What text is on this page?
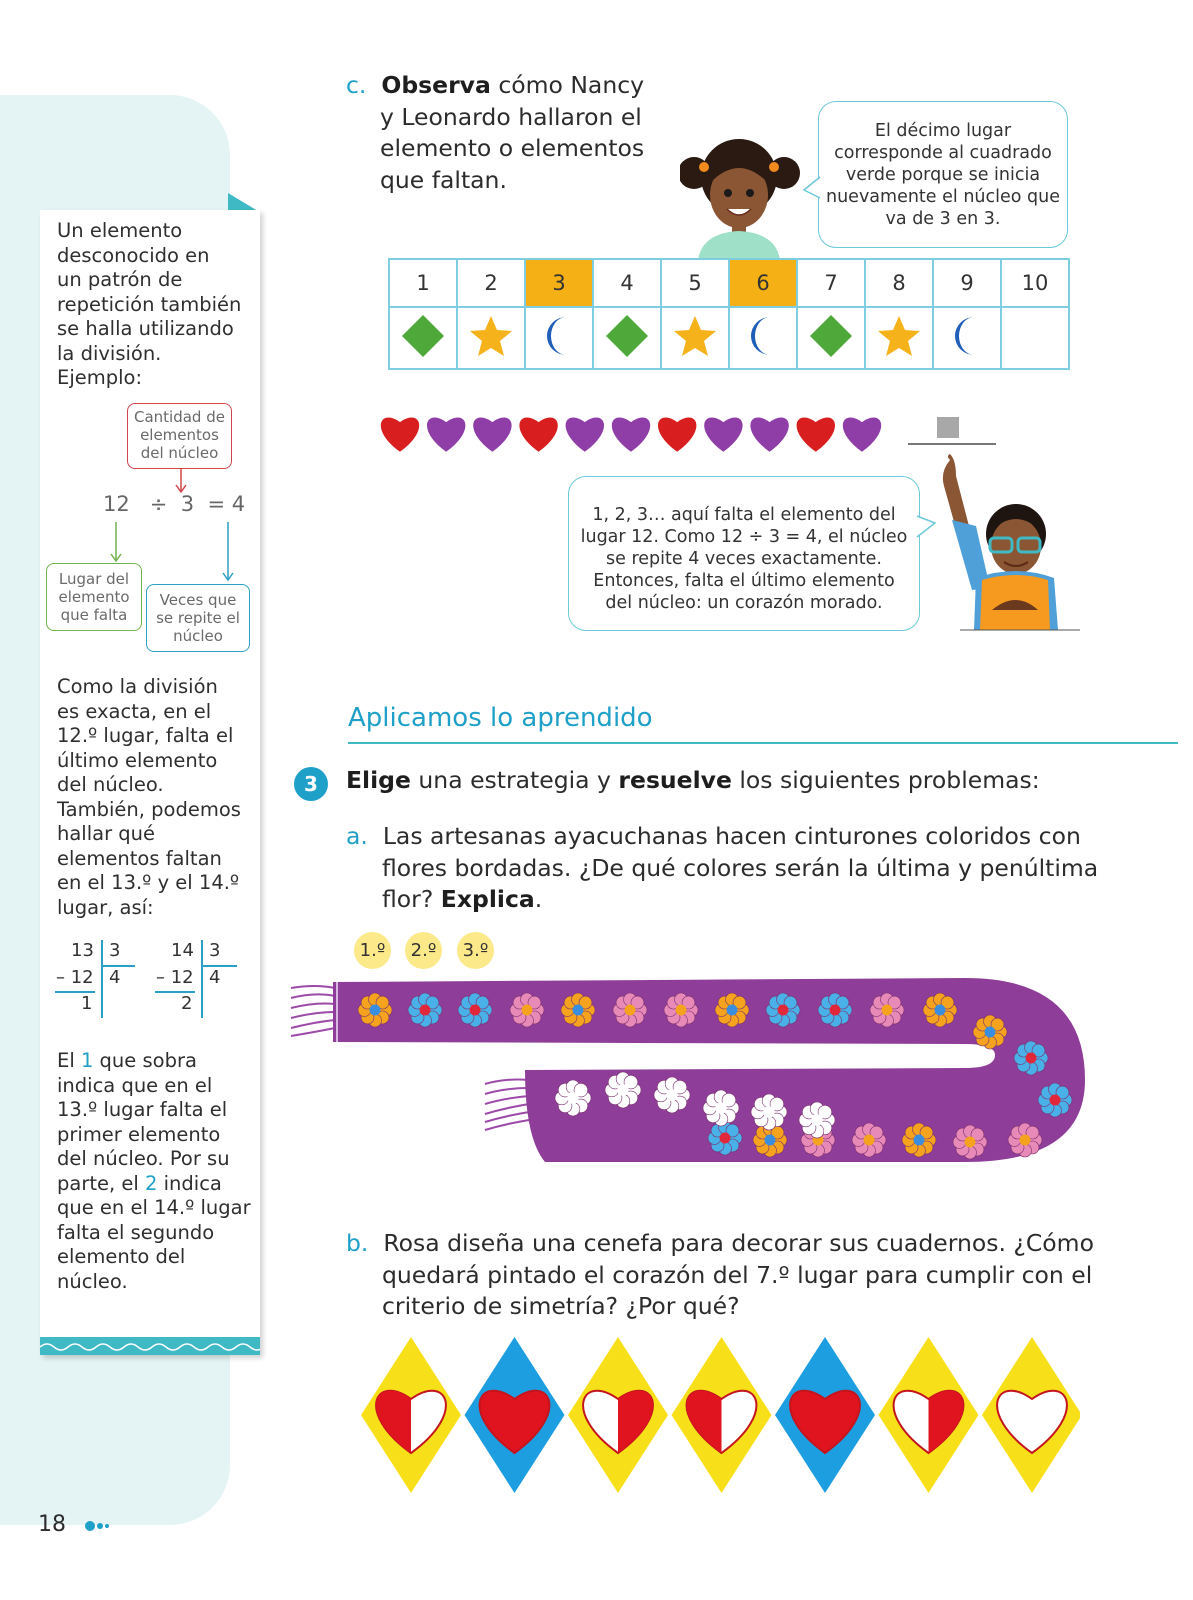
Un elemento

desconocido en

un patrón de

repetición también

se halla utilizando

la división.

Ejemplo:

Cantidad de
elementos
del núcleo
12 ÷ 3 = 4
Lugar del
elemento
que falta
Veces que
se repite el
núcleo

Como la división

es exacta, en el

12.º lugar, falta el

último elemento

del núcleo.

También, podemos

hallar qué

elementos faltan

en el 13.º y el 14.º

lugar, así:

13 3
– 12 4
1
14 3
– 12 4
2

El 1 que sobra

indica que en el

13.º lugar falta el

primer elemento

del núcleo. Por su

parte, el 2 indica

que en el 14.º lugar

falta el segundo

elemento del

núcleo.

c. Observa cómo Nancy
y Leonardo hallaron el
elemento o elementos
que faltan.
El décimo lugar
corresponde al cuadrado
verde porque se inicia
nuevamente el núcleo que
va de 3 en 3.
1	2	3	4	5	6	7	8	9	10

1, 2, 3… aquí falta el elemento del
lugar 12. Como 12 ÷ 3 = 4, el núcleo
se repite 4 veces exactamente.
Entonces, falta el último elemento
del núcleo: un corazón morado.
Aplicamos lo aprendido
3	Elige una estrategia y resuelve los siguientes problemas:
a. Las artesanas ayacuchanas hacen cinturones coloridos con
flores bordadas. ¿De qué colores serán la última y penúltima
flor? Explica.
1.º	2.º	3.º
b. Rosa diseña una cenefa para decorar sus cuadernos. ¿Cómo
quedará pintado el corazón del 7.º lugar para cumplir con el
criterio de simetría? ¿Por qué?
18
